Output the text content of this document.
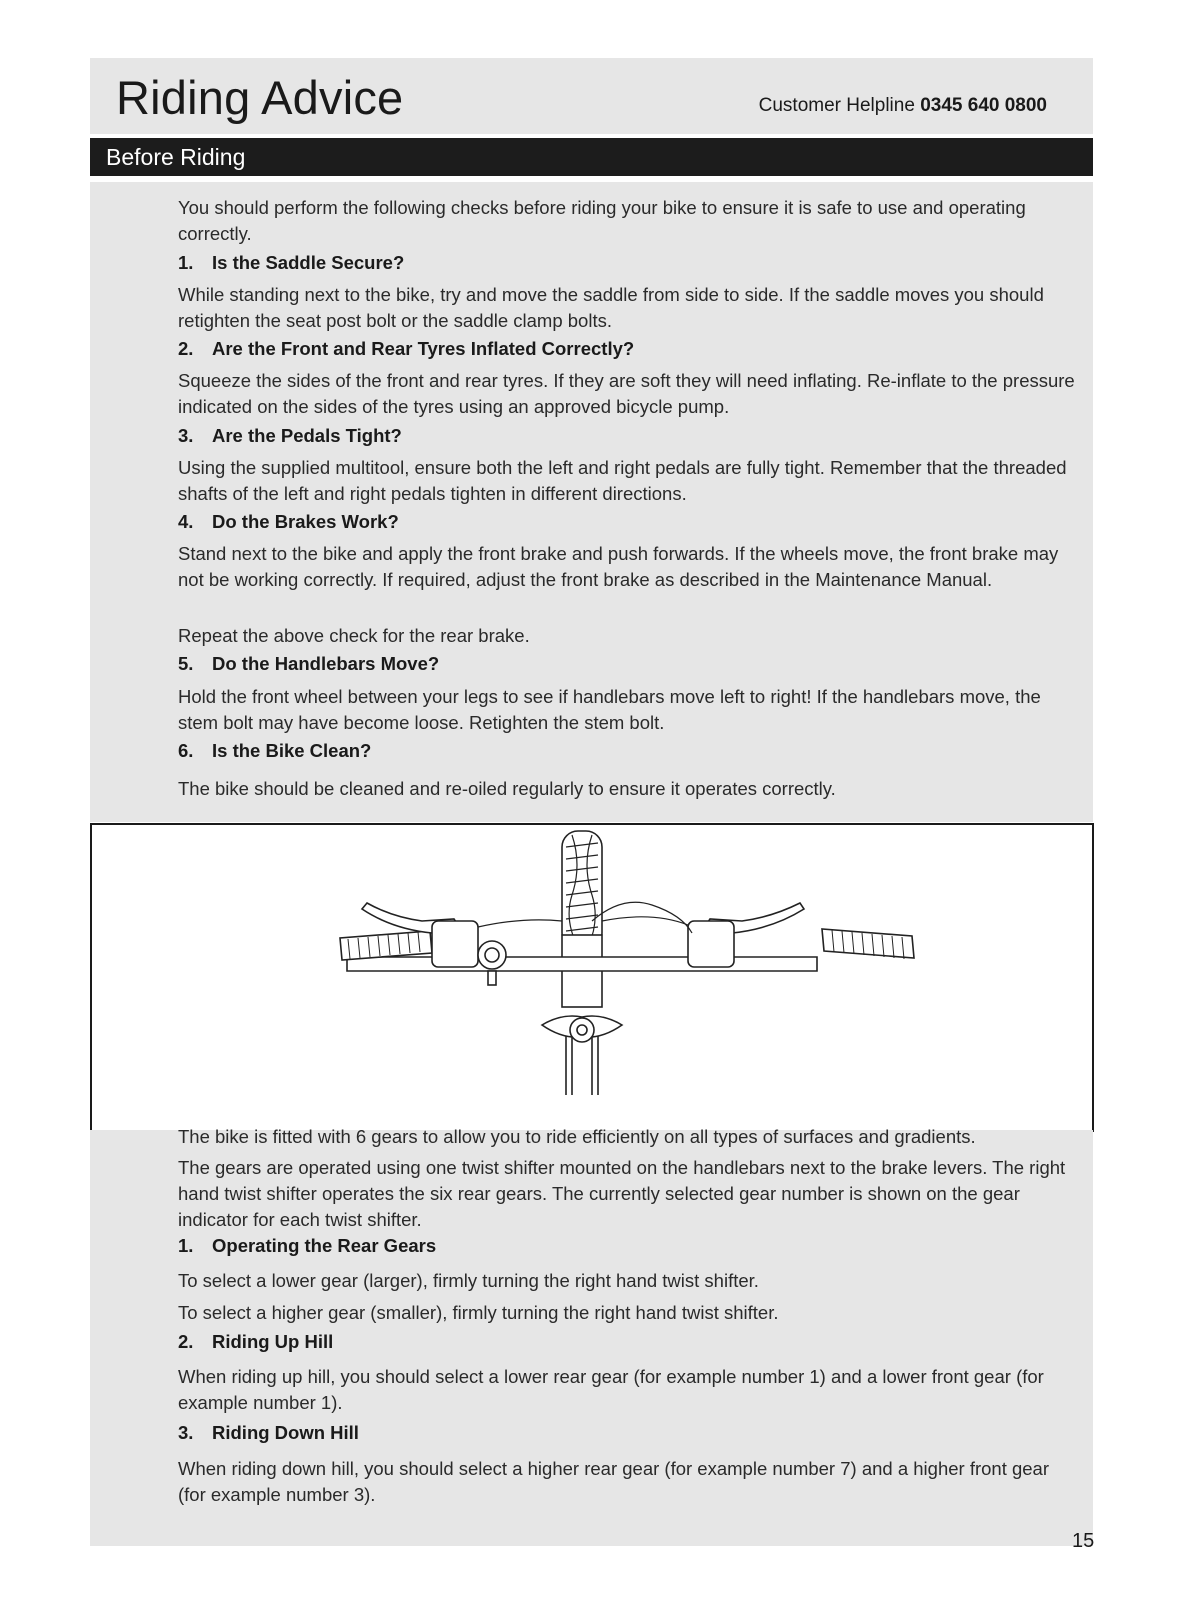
Riding Advice	Customer Helpline 0345 640 0800
Before Riding

You should perform the following checks before riding your bike to ensure it is safe to use and operating correctly.

1. Is the Saddle Secure?

While standing next to the bike, try and move the saddle from side to side. If the saddle moves you should retighten the seat post bolt or the saddle clamp bolts.

2. Are the Front and Rear Tyres Inflated Correctly?

Squeeze the sides of the front and rear tyres. If they are soft they will need inflating. Re-inflate to the pressure indicated on the sides of the tyres using an approved bicycle pump.

3. Are the Pedals Tight?

Using the supplied multitool, ensure both the left and right pedals are fully tight. Remember that the threaded shafts of the left and right pedals tighten in different directions.

4. Do the Brakes Work?

Stand next to the bike and apply the front brake and push forwards. If the wheels move, the front brake may not be working correctly. If required, adjust the front brake as described in the Maintenance Manual.

Repeat the above check for the rear brake.

5. Do the Handlebars Move?

Hold the front wheel between your legs to see if handlebars move left to right! If the handlebars move, the stem bolt may have become loose. Retighten the stem bolt.

6. Is the Bike Clean?

The bike should be cleaned and re-oiled regularly to ensure it operates correctly.

The bike is fitted with 6 gears to allow you to ride efficiently on all types of surfaces and gradients.

The gears are operated using one twist shifter mounted on the handlebars next to the brake levers. The right hand twist shifter operates the six rear gears. The currently selected gear number is shown on the gear indicator for each twist shifter.

1. Operating the Rear Gears

To select a lower gear (larger), firmly turning the right hand twist shifter.

To select a higher gear (smaller), firmly turning the right hand twist shifter.

2. Riding Up Hill

When riding up hill, you should select a lower rear gear (for example number 1) and a lower front gear (for example number 1).

3. Riding Down Hill

When riding down hill, you should select a higher rear gear (for example number 7) and a higher front gear (for example number 3).

15
